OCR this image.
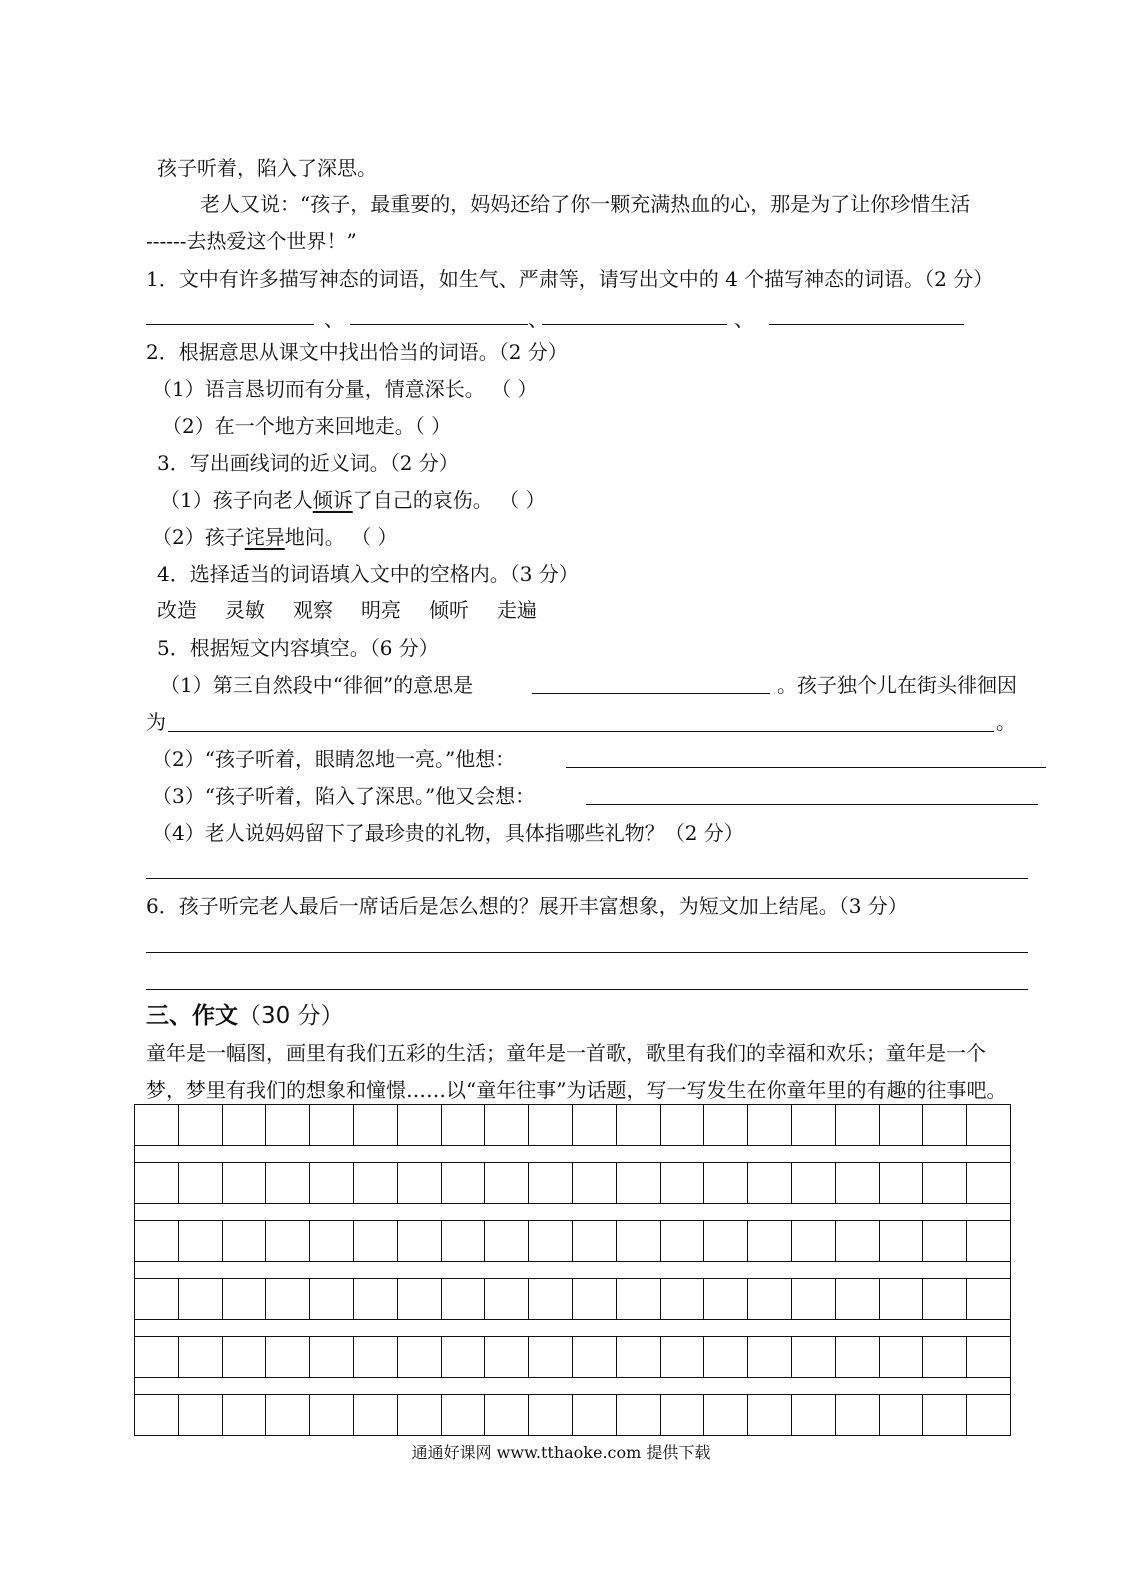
孩子听着，陷入了深思。
老人又说：“孩子，最重要的，妈妈还给了你一颗充满热血的心，那是为了让你珍惜生活
------去热爱这个世界！”
1．文中有许多描写神态的词语，如生气、严肃等，请写出文中的 4 个描写神态的词语。（2 分）
、	、	、
2．根据意思从课文中找出恰当的词语。（2 分）
（1）语言恳切而有分量，情意深长。 （ ）
（2）在一个地方来回地走。（ ）
3．写出画线词的近义词。（2 分）
（1）孩子向老人倾诉了自己的哀伤。 （ ）
（2）孩子诧异地问。 （ ）
4．选择适当的词语填入文中的空格内。（3 分）
改造 灵敏 观察 明亮 倾听 走遍
5．根据短文内容填空。（6 分）
（1）第三自然段中“徘徊”的意思是	。孩子独个儿在街头徘徊因
为	。
（2）“孩子听着，眼睛忽地一亮。”他想：
（3）“孩子听着，陷入了深思。”他又会想：
（4）老人说妈妈留下了最珍贵的礼物，具体指哪些礼物？（2 分）
6．孩子听完老人最后一席话后是怎么想的？展开丰富想象，为短文加上结尾。（3 分）
三、作文（30 分）
童年是一幅图，画里有我们五彩的生活；童年是一首歌，歌里有我们的幸福和欢乐；童年是一个
梦，梦里有我们的想象和憧憬……以“童年往事”为话题，写一写发生在你童年里的有趣的往事吧。
通通好课网 www.tthaoke.com 提供下载
